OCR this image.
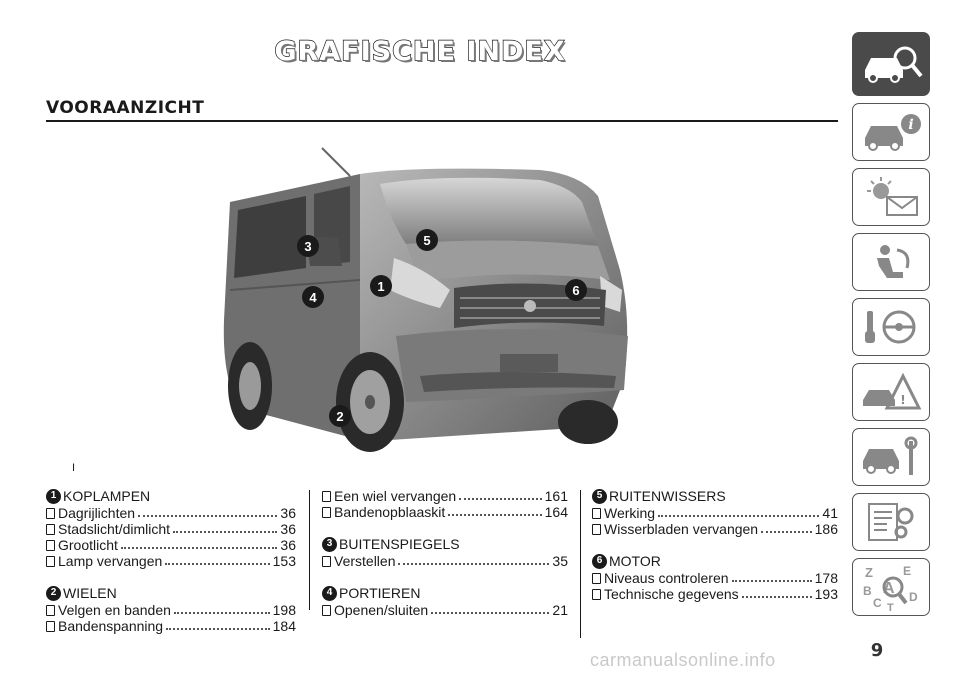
GRAFISCHE INDEX
VOORAANZICHT
3	5
4
1	6
2
I
1 KOPLAMPEN
Dagrijlichten	36
Stadslicht/dimlicht	36
Grootlicht	36
Lamp vervangen	153
2 WIELEN
Velgen en banden	198
Bandenspanning	184
Een wiel vervangen	161
Bandenopblaaskit	164
3 BUITENSPIEGELS
Verstellen	35
4 PORTIEREN
Openen/sluiten	21
5 RUITENWISSERS
Werking	41
Wisserbladen vervangen	186
6 MOTOR
Niveaus controleren	178
Technische gegevens	193
i
!
Z	E
B A
C D
T
9
carmanualsonline.info
